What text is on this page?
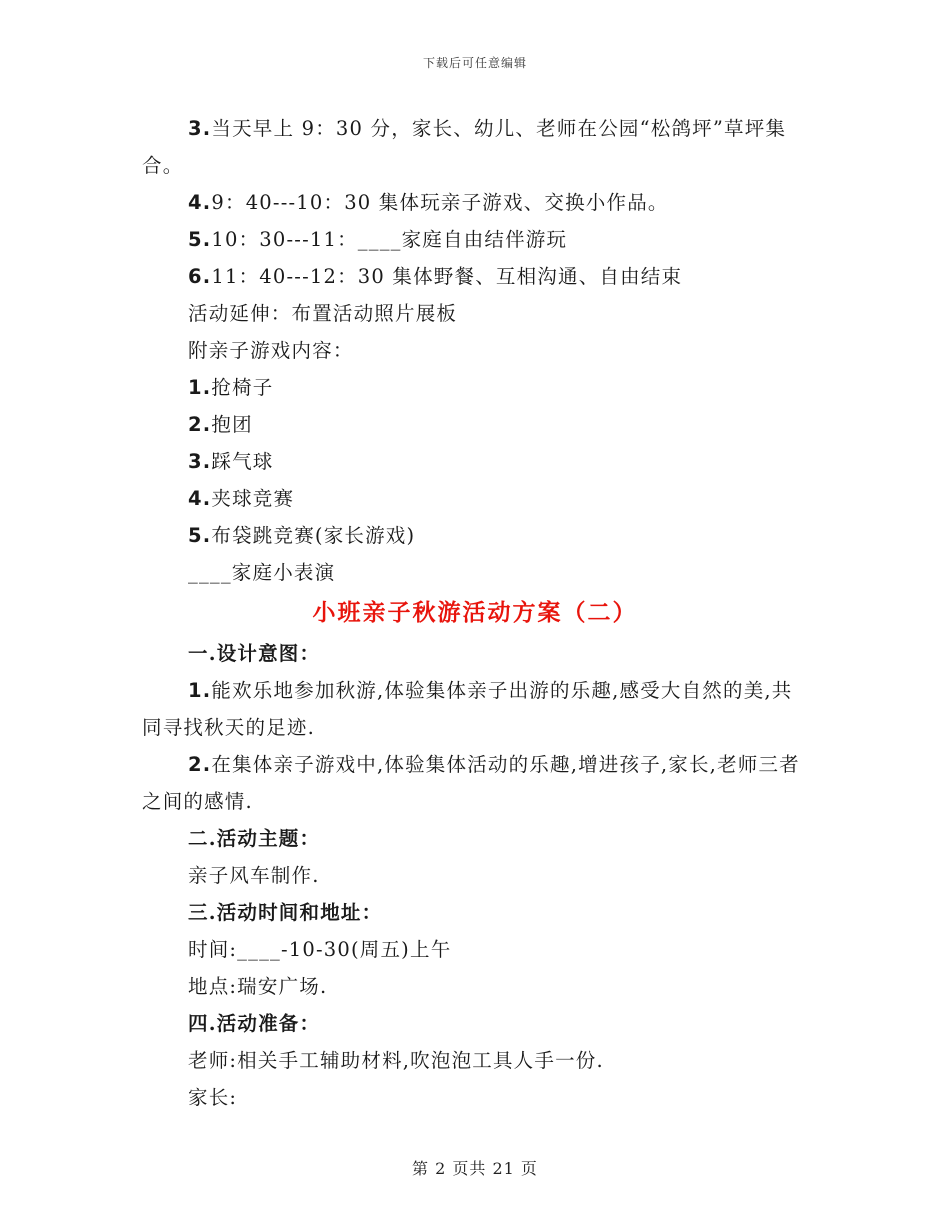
下载后可任意编辑

3.当天早上 9：30 分，家长、幼儿、老师在公园“松鸽坪”草坪集合。

4.9：40---10：30 集体玩亲子游戏、交换小作品。

5.10：30---11：____家庭自由结伴游玩

6.11：40---12：30 集体野餐、互相沟通、自由结束

活动延伸：布置活动照片展板

附亲子游戏内容：

1.抢椅子

2.抱团

3.踩气球

4.夹球竞赛

5.布袋跳竞赛(家长游戏)

____家庭小表演

小班亲子秋游活动方案（二）

一.设计意图：

1.能欢乐地参加秋游,体验集体亲子出游的乐趣,感受大自然的美,共同寻找秋天的足迹.

2.在集体亲子游戏中,体验集体活动的乐趣,增进孩子,家长,老师三者之间的感情.

二.活动主题：

亲子风车制作.

三.活动时间和地址：

时间:____-10-30(周五)上午

地点:瑞安广场.

四.活动准备：

老师:相关手工辅助材料,吹泡泡工具人手一份.

家长:

第 2 页共 21 页
